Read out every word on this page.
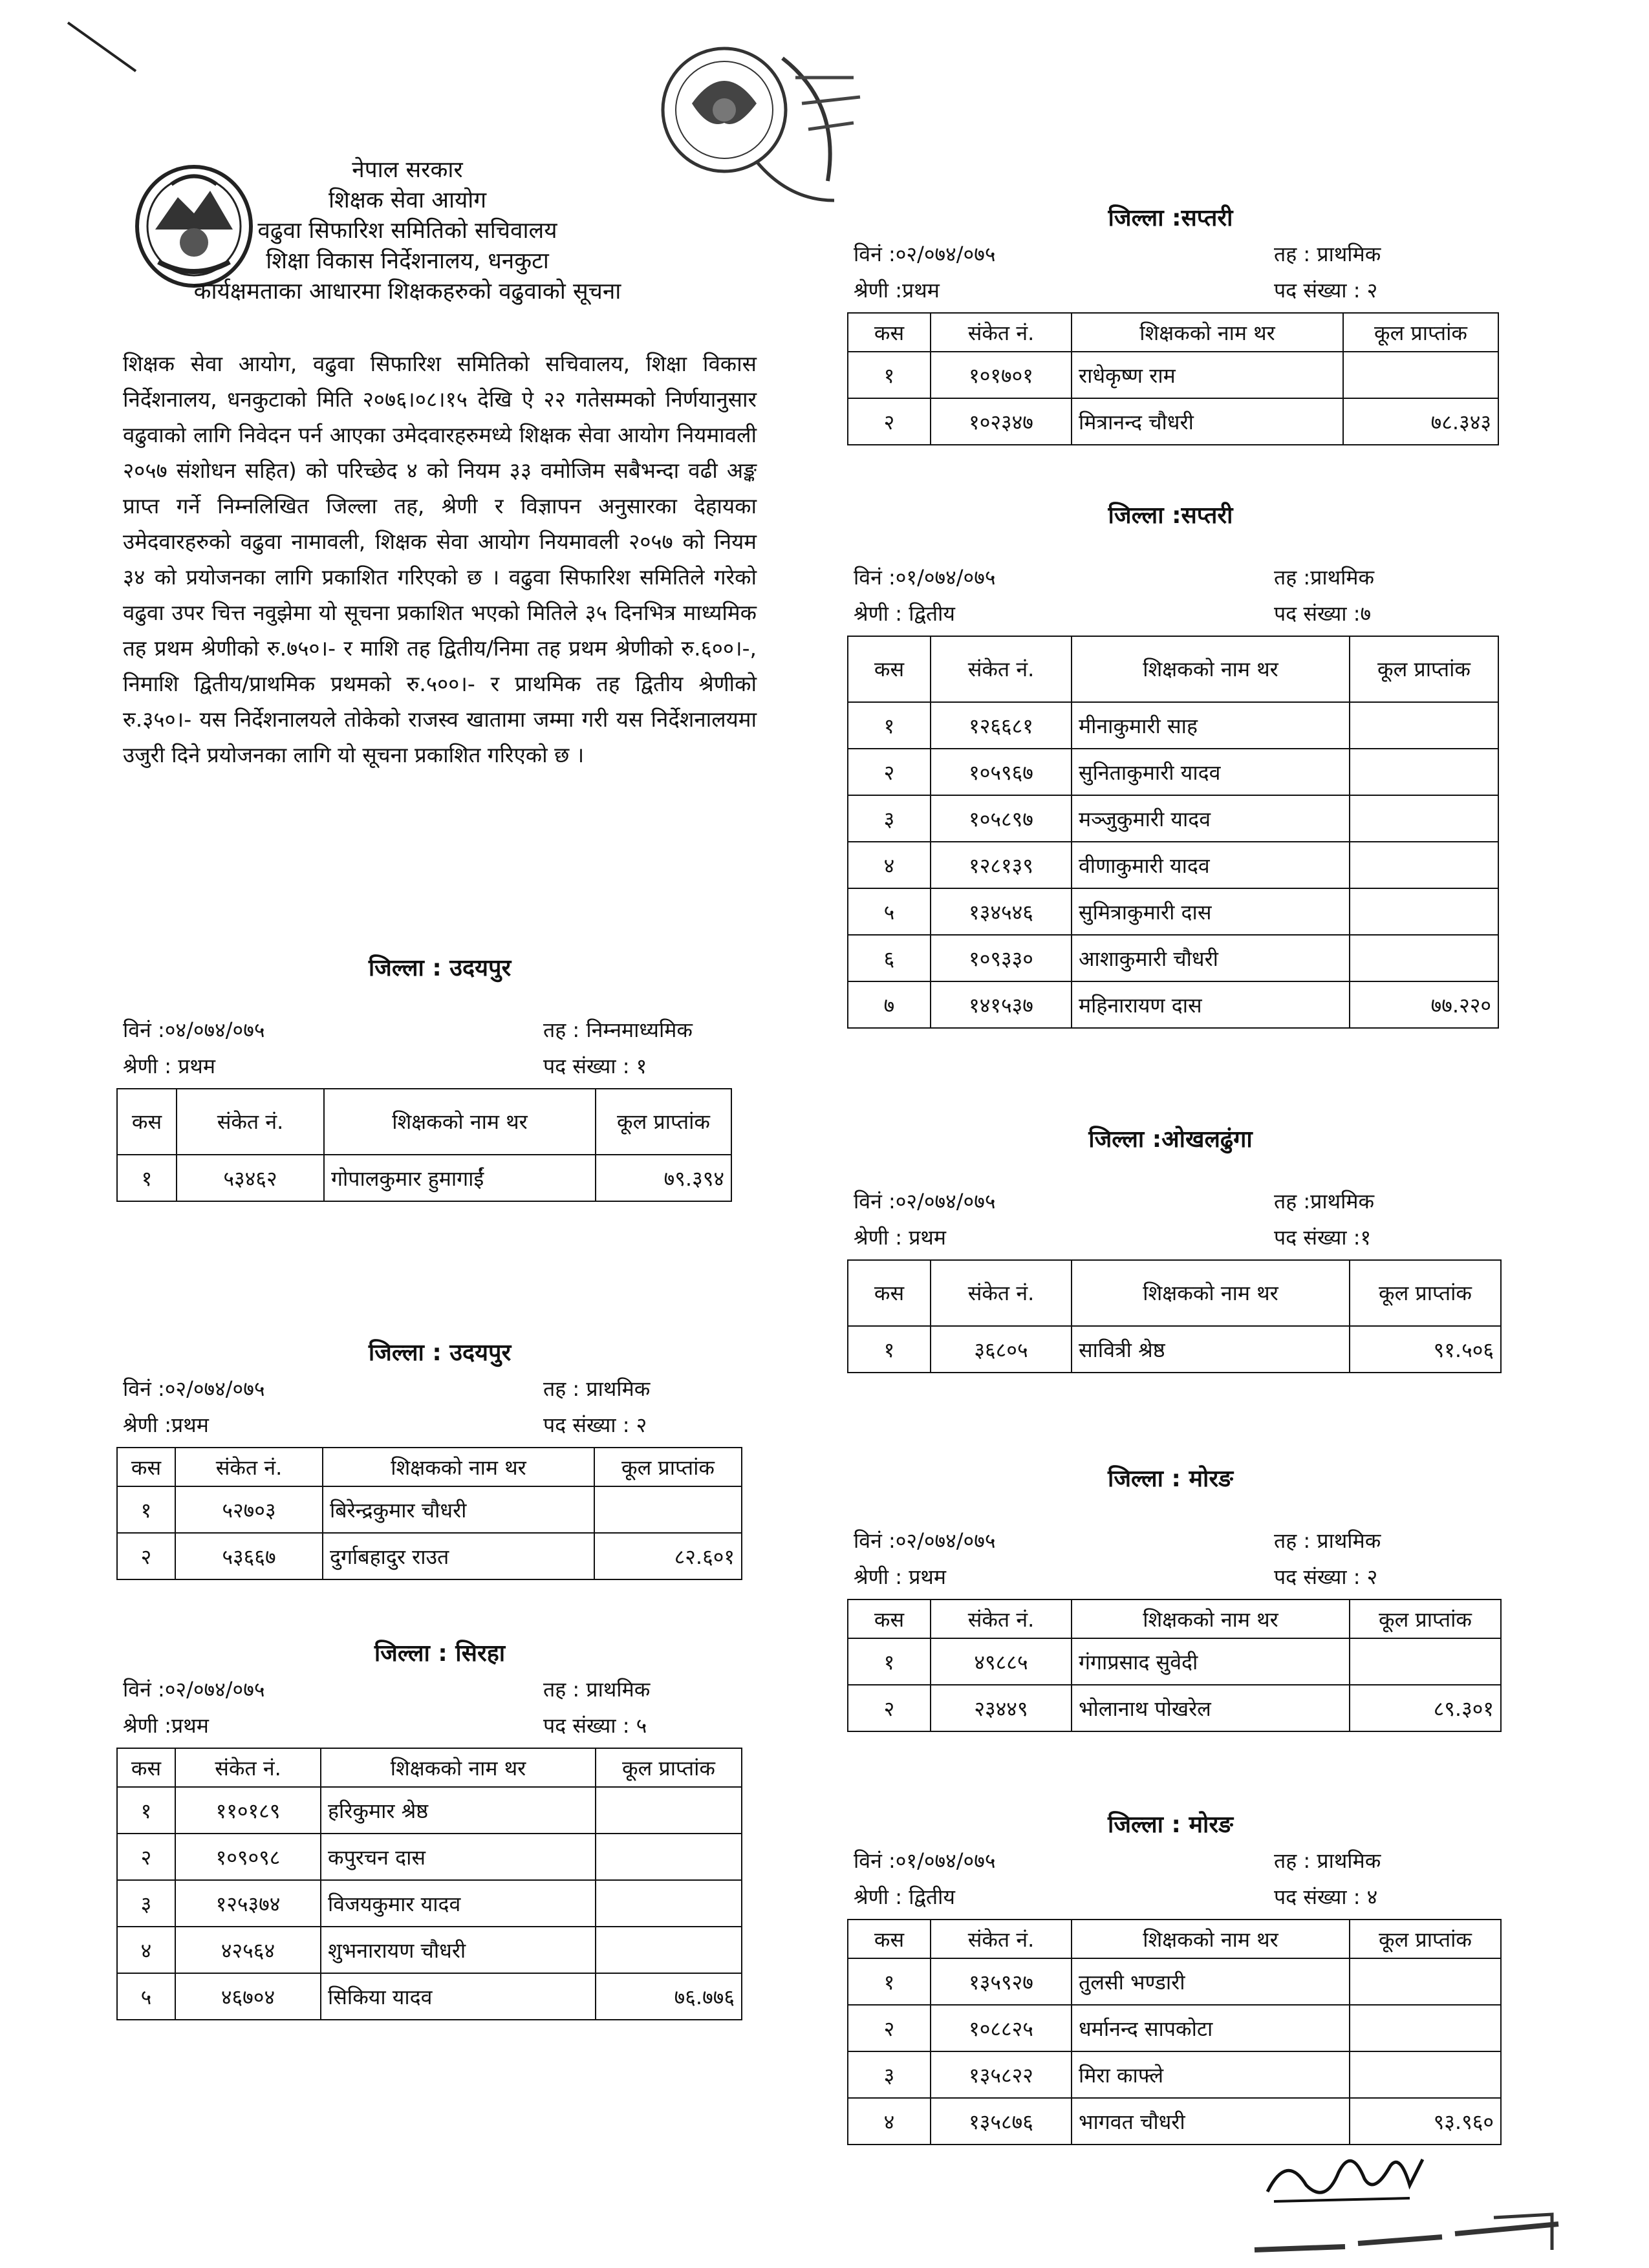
नेपाल सरकार
शिक्षक सेवा आयोग
वढुवा सिफारिश समितिको सचिवालय
शिक्षा विकास निर्देशनालय, धनकुटा
कार्यक्षमताका आधारमा शिक्षकहरुको वढुवाको सूचना
शिक्षक सेवा आयोग, वढुवा सिफारिश समितिको सचिवालय, शिक्षा विकास निर्देशनालय, धनकुटाको मिति २०७६।०८।१५ देखि ऐ २२ गतेसम्मको निर्णयानुसार वढुवाको लागि निवेदन पर्न आएका उमेदवारहरुमध्ये शिक्षक सेवा आयोग नियमावली २०५७ संशोधन सहित) को परिच्छेद ४ को नियम ३३ वमोजिम सबैभन्दा वढी अङ्क प्राप्त गर्ने निम्नलिखित जिल्ला तह, श्रेणी र विज्ञापन अनुसारका देहायका उमेदवारहरुको वढुवा नामावली, शिक्षक सेवा आयोग नियमावली २०५७ को नियम ३४ को प्रयोजनका लागि प्रकाशित गरिएको छ । वढुवा सिफारिश समितिले गरेको वढुवा उपर चित्त नवुझेमा यो सूचना प्रकाशित भएको मितिले ३५ दिनभित्र माध्यमिक तह प्रथम श्रेणीको रु.७५०।- र माशि तह द्वितीय/निमा तह प्रथम श्रेणीको रु.६००।-, निमाशि द्वितीय/प्राथमिक प्रथमको रु.५००।- र प्राथमिक तह द्वितीय श्रेणीको रु.३५०।- यस निर्देशनालयले तोकेको राजस्व खातामा जम्मा गरी यस निर्देशनालयमा उजुरी दिने प्रयोजनका लागि यो सूचना प्रकाशित गरिएको छ ।
जिल्ला : उदयपुर
विनं :०४/०७४/०७५	तह : निम्नमाध्यमिक
श्रेणी : प्रथम	पद संख्या : १
कस	संकेत नं.	शिक्षकको नाम थर	कूल प्राप्तांक
१	५३४६२	गोपालकुमार हुमागाईं	७९.३९४
जिल्ला : उदयपुर
विनं :०२/०७४/०७५	तह : प्राथमिक
श्रेणी :प्रथम	पद संख्या : २
कस	संकेत नं.	शिक्षकको नाम थर	कूल प्राप्तांक
१	५२७०३	बिरेन्द्रकुमार चौधरी	
२	५३६६७	दुर्गाबहादुर राउत	८२.६०१
जिल्ला : सिरहा
विनं :०२/०७४/०७५	तह : प्राथमिक
श्रेणी :प्रथम	पद संख्या : ५
कस	संकेत नं.	शिक्षकको नाम थर	कूल प्राप्तांक
१	११०१८९	हरिकुमार श्रेष्ठ	
२	१०९०९८	कपुरचन दास	
३	१२५३७४	विजयकुमार यादव	
४	४२५६४	शुभनारायण चौधरी	
५	४६७०४	सिकिया यादव	७६.७७६
जिल्ला :सप्तरी
विनं :०२/०७४/०७५	तह : प्राथमिक
श्रेणी :प्रथम	पद संख्या : २
कस	संकेत नं.	शिक्षकको नाम थर	कूल प्राप्तांक
१	१०१७०१	राधेकृष्ण राम	
२	१०२३४७	मित्रानन्द चौधरी	७८.३४३
जिल्ला :सप्तरी
विनं :०१/०७४/०७५	तह :प्राथमिक
श्रेणी : द्वितीय	पद संख्या :७
कस	संकेत नं.	शिक्षकको नाम थर	कूल प्राप्तांक
१	१२६६८१	मीनाकुमारी साह	
२	१०५९६७	सुनिताकुमारी यादव	
३	१०५८९७	मञ्जुकुमारी यादव	
४	१२८१३९	वीणाकुमारी यादव	
५	१३४५४६	सुमित्राकुमारी दास	
६	१०९३३०	आशाकुमारी चौधरी	
७	१४१५३७	महिनारायण दास	७७.२२०
जिल्ला :ओखलढुंगा
विनं :०२/०७४/०७५	तह :प्राथमिक
श्रेणी : प्रथम	पद संख्या :१
कस	संकेत नं.	शिक्षकको नाम थर	कूल प्राप्तांक
१	३६८०५	सावित्री श्रेष्ठ	९१.५०६
जिल्ला : मोरङ
विनं :०२/०७४/०७५	तह : प्राथमिक
श्रेणी : प्रथम	पद संख्या : २
कस	संकेत नं.	शिक्षकको नाम थर	कूल प्राप्तांक
१	४९८८५	गंगाप्रसाद सुवेदी	
२	२३४४९	भोलानाथ पोखरेल	८९.३०१
जिल्ला : मोरङ
विनं :०१/०७४/०७५	तह : प्राथमिक
श्रेणी : द्वितीय	पद संख्या : ४
कस	संकेत नं.	शिक्षकको नाम थर	कूल प्राप्तांक
१	१३५९२७	तुलसी भण्डारी	
२	१०८८२५	धर्मानन्द सापकोटा	
३	१३५८२२	मिरा काफ्ले	
४	१३५८७६	भागवत चौधरी	९३.९६०
